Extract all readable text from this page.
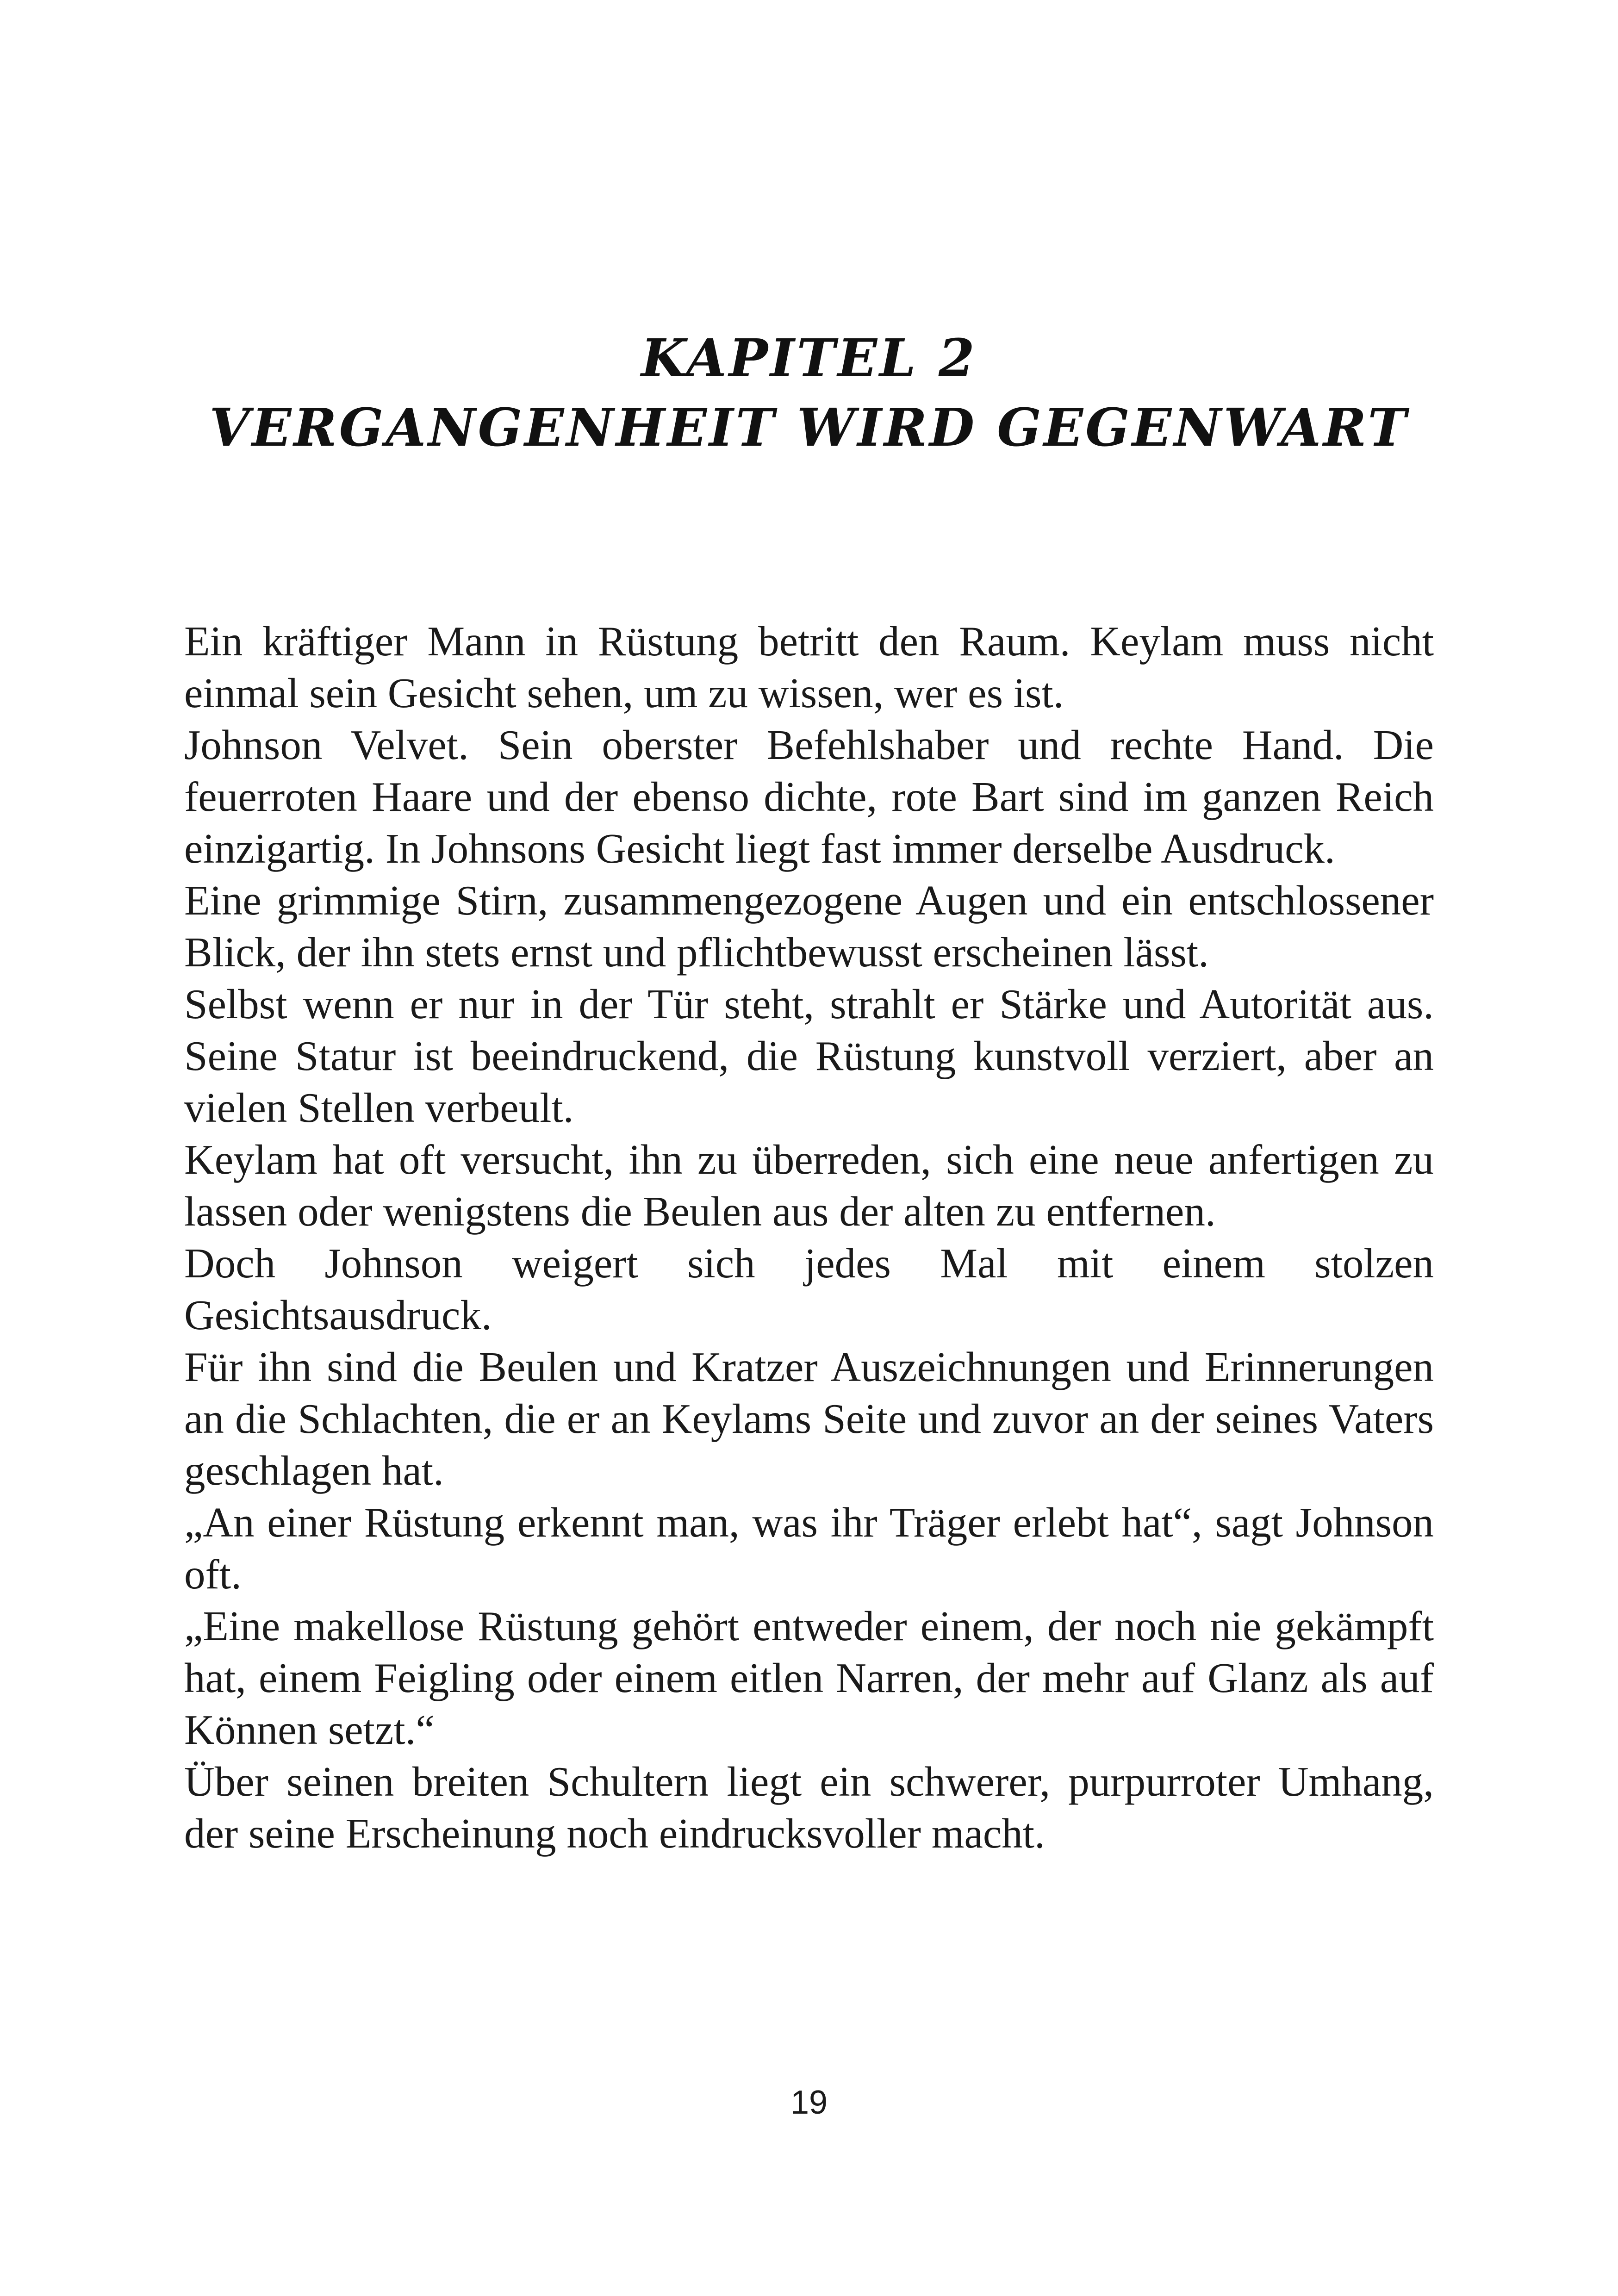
KAPITEL 2
VERGANGENHEIT WIRD GEGENWART

Ein kräftiger Mann in Rüstung betritt den Raum. Keylam muss nicht einmal sein Gesicht sehen, um zu wissen, wer es ist.

Johnson Velvet. Sein oberster Befehlshaber und rechte Hand. Die feuerroten Haare und der ebenso dichte, rote Bart sind im ganzen Reich einzigartig. In Johnsons Gesicht liegt fast immer derselbe Ausdruck.

Eine grimmige Stirn, zusammengezogene Augen und ein entschlossener Blick, der ihn stets ernst und pflichtbewusst erscheinen lässt.

Selbst wenn er nur in der Tür steht, strahlt er Stärke und Autorität aus. Seine Statur ist beeindruckend, die Rüstung kunstvoll verziert, aber an vielen Stellen verbeult.

Keylam hat oft versucht, ihn zu überreden, sich eine neue anfertigen zu lassen oder wenigstens die Beulen aus der alten zu entfernen.

Doch Johnson weigert sich jedes Mal mit einem stolzen Gesichtsausdruck.

Für ihn sind die Beulen und Kratzer Auszeichnungen und Erinnerungen an die Schlachten, die er an Keylams Seite und zuvor an der seines Vaters geschlagen hat.

„An einer Rüstung erkennt man, was ihr Träger erlebt hat“, sagt Johnson oft.

„Eine makellose Rüstung gehört entweder einem, der noch nie gekämpft hat, einem Feigling oder einem eitlen Narren, der mehr auf Glanz als auf Können setzt.“

Über seinen breiten Schultern liegt ein schwerer, purpurroter Umhang, der seine Erscheinung noch eindrucksvoller macht.

19
